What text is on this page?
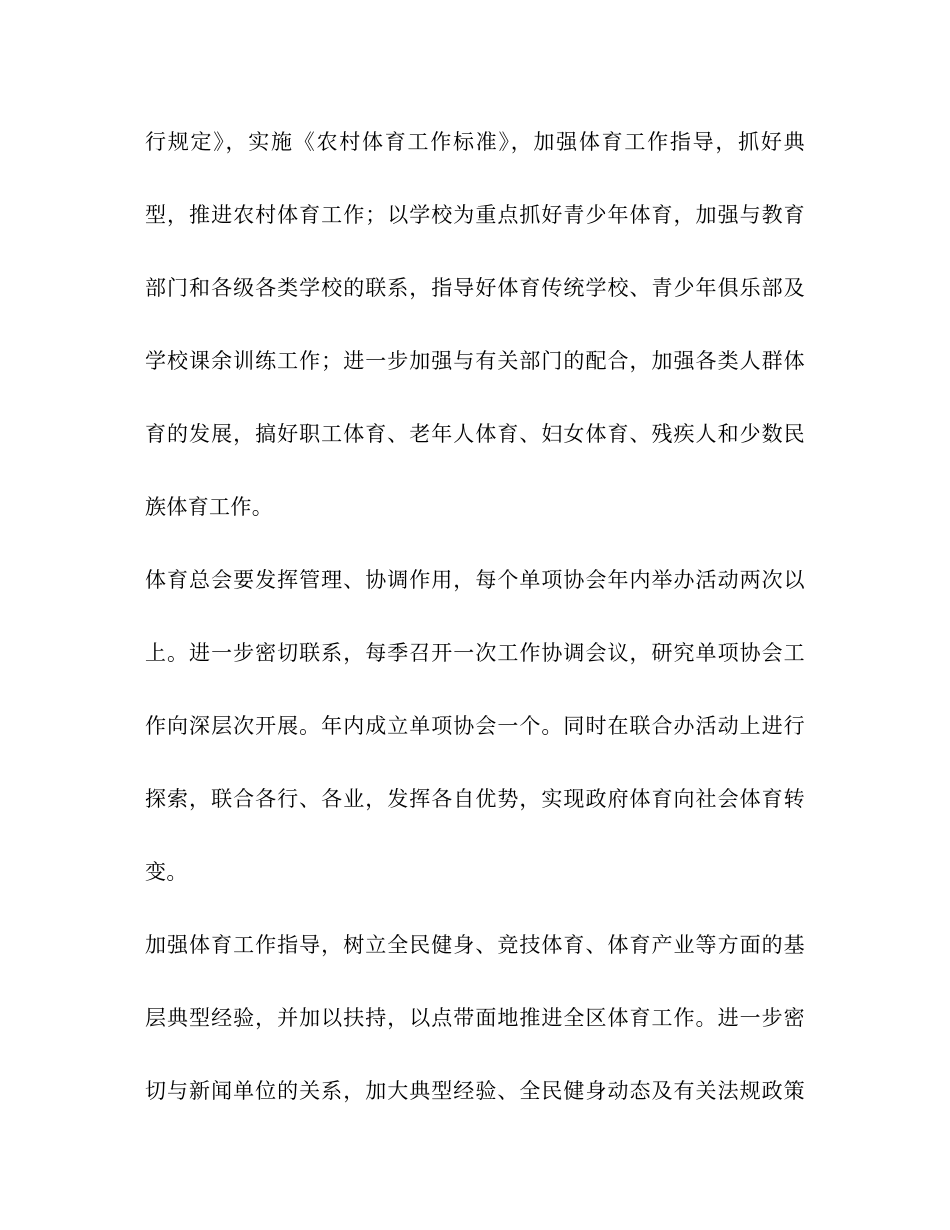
行规定》，实施《农村体育工作标准》，加强体育工作指导，抓好典
型，推进农村体育工作；以学校为重点抓好青少年体育，加强与教育
部门和各级各类学校的联系，指导好体育传统学校、青少年俱乐部及
学校课余训练工作；进一步加强与有关部门的配合，加强各类人群体
育的发展，搞好职工体育、老年人体育、妇女体育、残疾人和少数民
族体育工作。
体育总会要发挥管理、协调作用，每个单项协会年内举办活动两次以
上。进一步密切联系，每季召开一次工作协调会议，研究单项协会工
作向深层次开展。年内成立单项协会一个。同时在联合办活动上进行
探索，联合各行、各业，发挥各自优势，实现政府体育向社会体育转
变。
加强体育工作指导，树立全民健身、竞技体育、体育产业等方面的基
层典型经验，并加以扶持，以点带面地推进全区体育工作。进一步密
切与新闻单位的关系，加大典型经验、全民健身动态及有关法规政策
